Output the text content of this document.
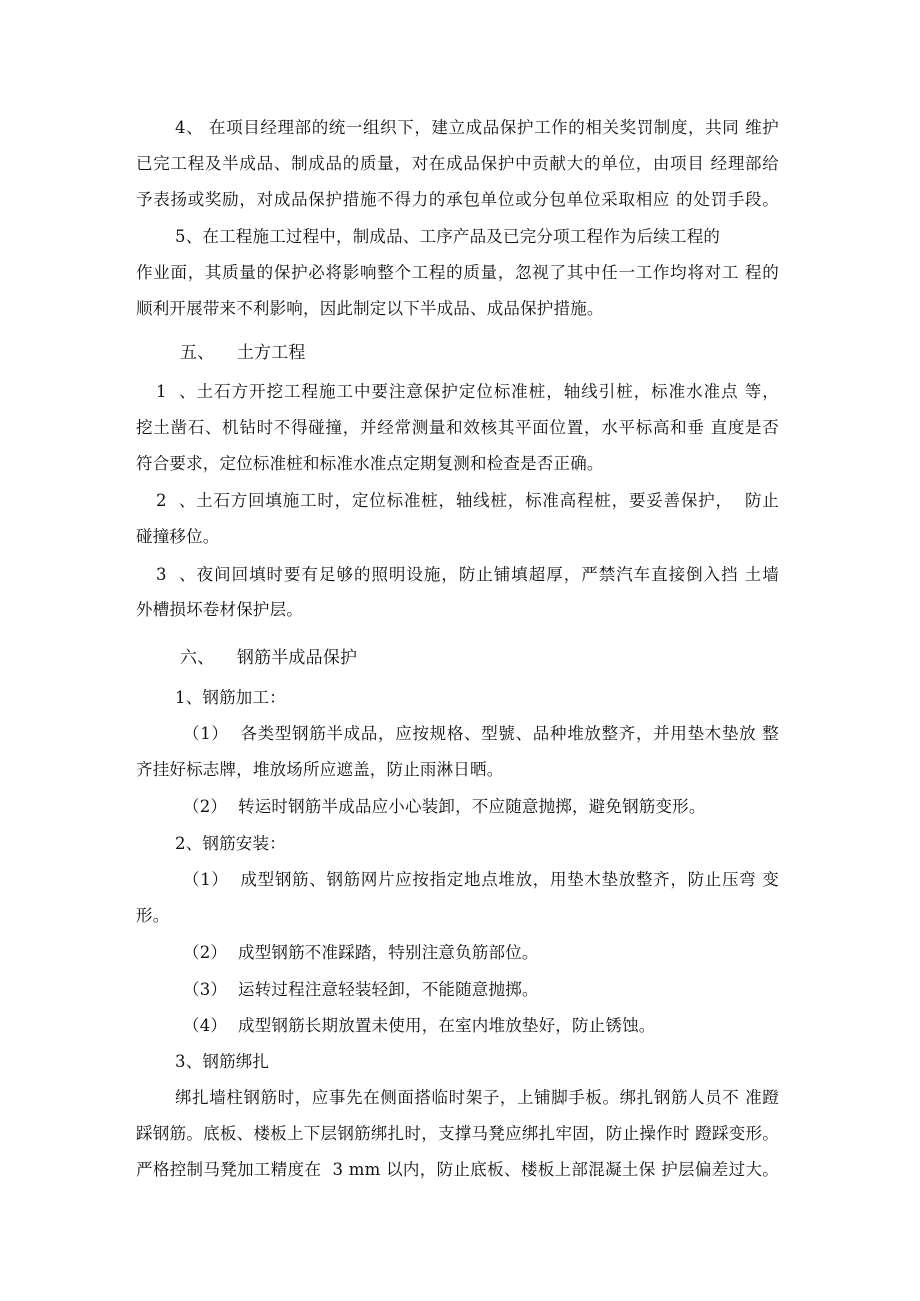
4、 在项目经理部的统一组织下，建立成品保护工作的相关奖罚制度，共同 维护
已完工程及半成品、制成品的质量，对在成品保护中贡献大的单位，由项目 经理部给
予表扬或奖励，对成品保护措施不得力的承包单位或分包单位采取相应 的处罚手段。
5、在工程施工过程中，制成品、工序产品及已完分项工程作为后续工程的
作业面，其质量的保护必将影响整个工程的质量，忽视了其中任一工作均将对工 程的
顺利开展带来不利影响，因此制定以下半成品、成品保护措施。
五、    土方工程
1  、土石方开挖工程施工中要注意保护定位标准桩，轴线引桩，标准水准点 等，
挖土凿石、机钻时不得碰撞，并经常测量和效核其平面位置，水平标高和垂 直度是否
符合要求，定位标准桩和标准水准点定期复测和检查是否正确。
2  、土石方回填施工时，定位标准桩，轴线桩，标准高程桩，要妥善保护，  防止
碰撞移位。
3  、夜间回填时要有足够的照明设施，防止铺填超厚，严禁汽车直接倒入挡 土墙
外槽损坏卷材保护层。
六、    钢筋半成品保护
1、钢筋加工：
（1）  各类型钢筋半成品，应按规格、型號、品种堆放整齐，并用垫木垫放 整
齐挂好标志牌，堆放场所应遮盖，防止雨淋日晒。
（2）  转运时钢筋半成品应小心装卸，不应随意抛掷，避免钢筋变形。
2、钢筋安装：
（1）  成型钢筋、钢筋网片应按指定地点堆放，用垫木垫放整齐，防止压弯 变
形。
（2）  成型钢筋不准踩踏，特别注意负筋部位。
（3）  运转过程注意轻装轻卸，不能随意抛掷。
（4）  成型钢筋长期放置未使用，在室内堆放垫好，防止锈蚀。
3、钢筋绑扎
绑扎墙柱钢筋时，应事先在侧面搭临时架子，上铺脚手板。绑扎钢筋人员不 准蹬
踩钢筋。底板、楼板上下层钢筋绑扎时，支撑马凳应绑扎牢固，防止操作时 蹬踩变形。
严格控制马凳加工精度在  3 mm 以内，防止底板、楼板上部混凝土保 护层偏差过大。
